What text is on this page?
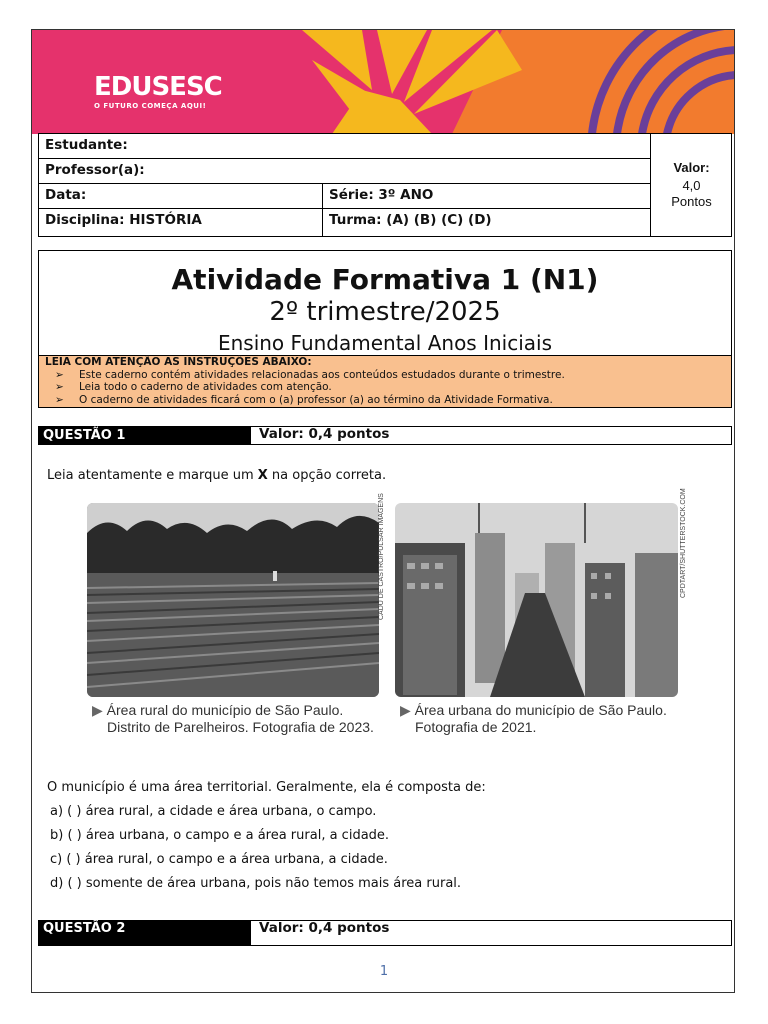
EDUSESC
O FUTURO COMEÇA AQUI!
Estudante:
Professor(a):
Data:	Série: 3º ANO
Disciplina: HISTÓRIA	Turma: (A) (B) (C) (D)
Valor:
4,0
Pontos
Atividade Formativa 1 (N1)
2º trimestre/2025
Ensino Fundamental Anos Iniciais
LEIA COM ATENÇÃO AS INSTRUÇÕES ABAIXO:
➢ Este caderno contém atividades relacionadas aos conteúdos estudados durante o trimestre.
➢ Leia todo o caderno de atividades com atenção.
➢ O caderno de atividades ficará com o (a) professor (a) ao término da Atividade Formativa.
QUESTÃO 1	Valor: 0,4 pontos
Leia atentamente e marque um X na opção correta.
CADU DE CASTRO/PULSAR IMAGENS
▶ Área rural do município de São Paulo.
Distrito de Parelheiros. Fotografia de 2023.
CPDTART/SHUTTERSTOCK.COM
▶ Área urbana do município de São Paulo.
Fotografia de 2021.
O município é uma área territorial. Geralmente, ela é composta de:
a) ( ) área rural, a cidade e área urbana, o campo.
b) ( ) área urbana, o campo e a área rural, a cidade.
c) ( ) área rural, o campo e a área urbana, a cidade.
d) ( ) somente de área urbana, pois não temos mais área rural.
QUESTÃO 2	Valor: 0,4 pontos
1
